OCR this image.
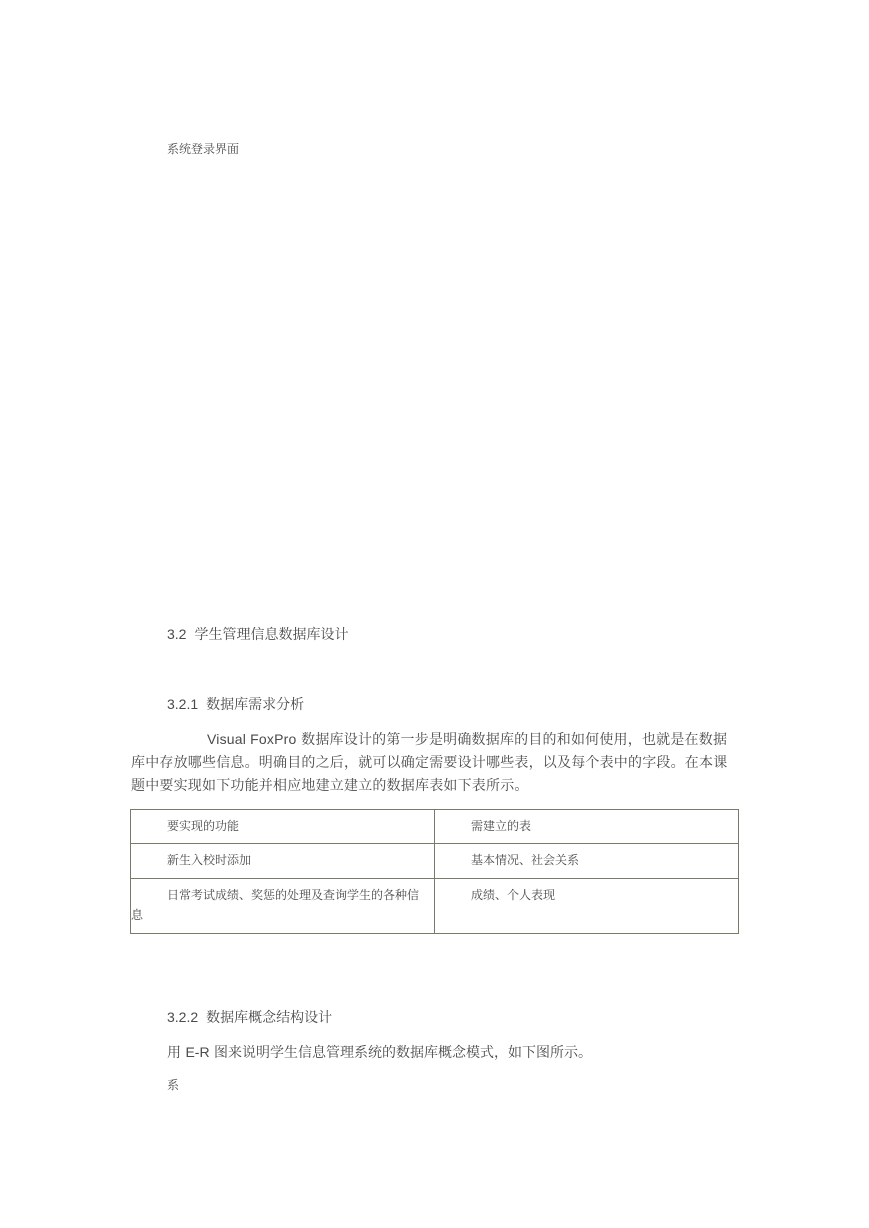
系统登录界面
3.2 学生管理信息数据库设计
3.2.1 数据库需求分析
Visual FoxPro 数据库设计的第一步是明确数据库的目的和如何使用，也就是在数据库中存放哪些信息。明确目的之后，就可以确定需要设计哪些表，以及每个表中的字段。在本课题中要实现如下功能并相应地建立建立的数据库表如下表所示。
要实现的功能	需建立的表
新生入校时添加	基本情况、社会关系
日常考试成绩、奖惩的处理及查询学生的各种信息
成绩、个人表现
3.2.2 数据库概念结构设计
用 E-R 图来说明学生信息管理系统的数据库概念模式，如下图所示。
系
